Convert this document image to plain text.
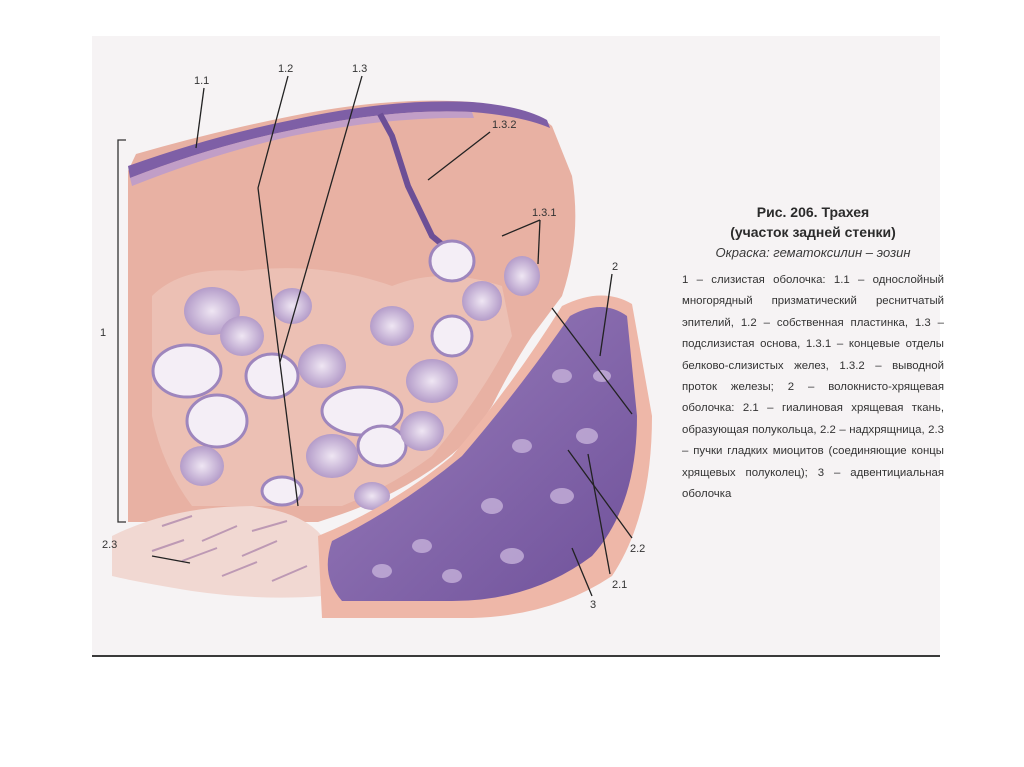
1
1.1
1.2	1.3
1.3.2
1.3.1
2
2.3	2.2
2.1
3
Рис. 206. Трахея
(участок задней стенки)
Окраска: гематоксилин – эозин
1 – слизистая оболочка: 1.1 – однослойный многорядный призматический реснитчатый эпителий, 1.2 – собственная пластинка, 1.3 – подслизистая основа, 1.3.1 – концевые отделы белково-слизистых желез, 1.3.2 – выводной проток железы; 2 – волокнисто-хрящевая оболочка: 2.1 – гиалиновая хрящевая ткань, образующая полукольца, 2.2 – надхрящница, 2.3 – пучки гладких миоцитов (соединяющие концы хрящевых полуколец); 3 – адвентициальная оболочка
